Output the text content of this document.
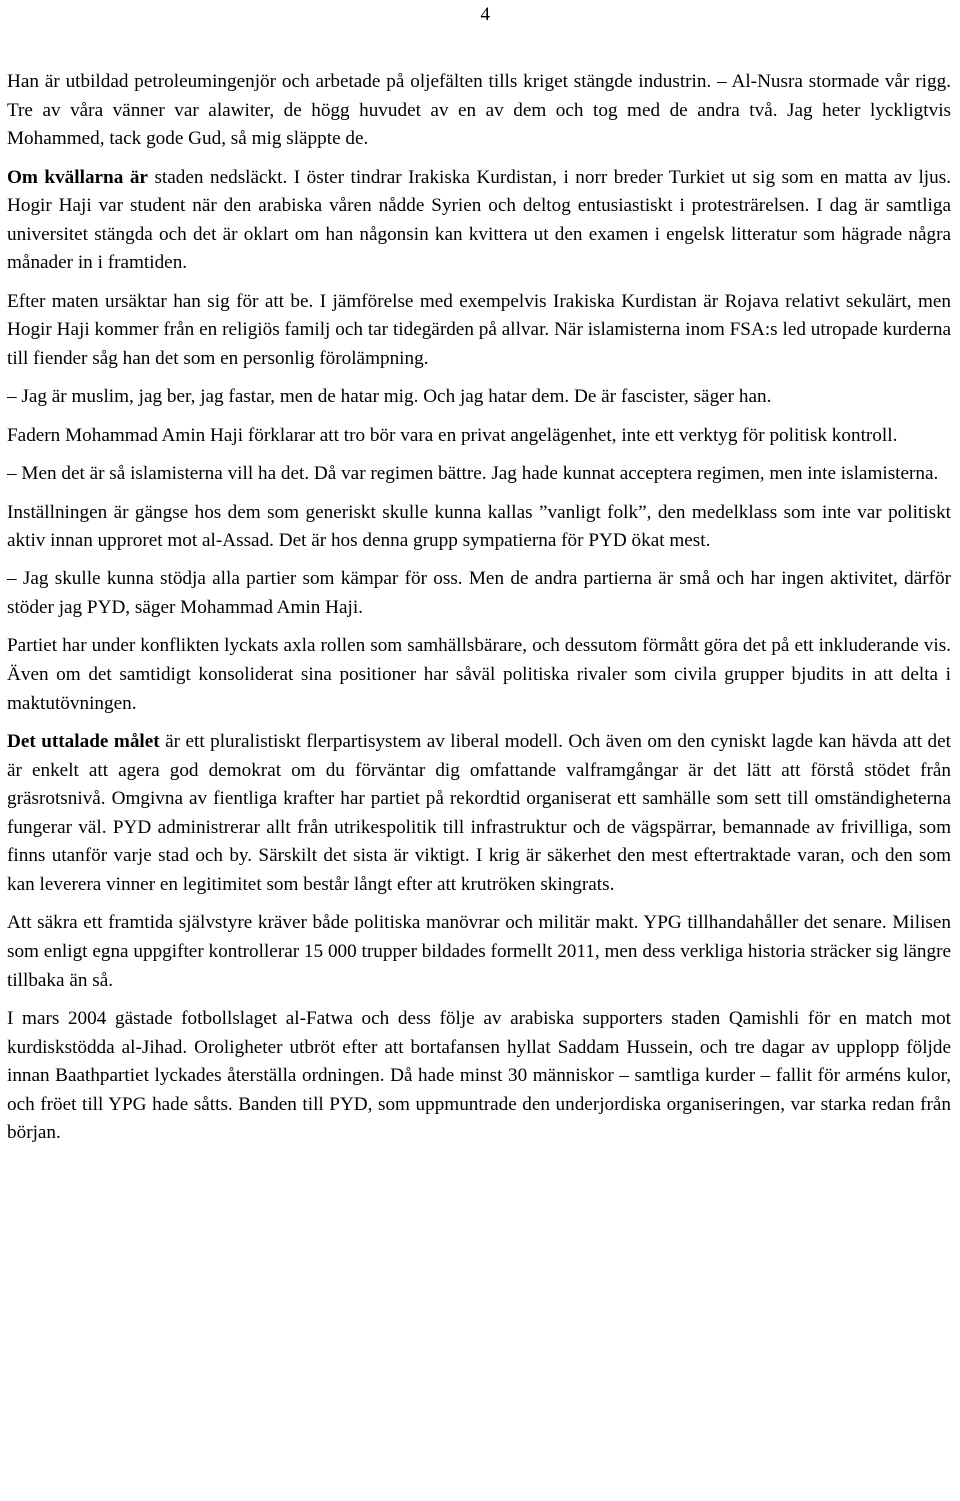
4

Han är utbildad petroleumingenjör och arbetade på oljefälten tills kriget stängde industrin. – Al-Nusra stormade vår rigg. Tre av våra vänner var alawiter, de högg huvudet av en av dem och tog med de andra två. Jag heter lyckligtvis Mohammed, tack gode Gud, så mig släppte de.

Om kvällarna är staden nedsläckt. I öster tindrar Irakiska Kurdistan, i norr breder Turkiet ut sig som en matta av ljus. Hogir Haji var student när den arabiska våren nådde Syrien och deltog entusiastiskt i protesträrelsen. I dag är samtliga universitet stängda och det är oklart om han någonsin kan kvittera ut den examen i engelsk litteratur som hägrade några månader in i framtiden.

Efter maten ursäktar han sig för att be. I jämförelse med exempelvis Irakiska Kurdistan är Rojava relativt sekulärt, men Hogir Haji kommer från en religiös familj och tar tidegärden på allvar. När islamisterna inom FSA:s led utropade kurderna till fiender såg han det som en personlig förolämpning.

– Jag är muslim, jag ber, jag fastar, men de hatar mig. Och jag hatar dem. De är fascister, säger han.

Fadern Mohammad Amin Haji förklarar att tro bör vara en privat angelägenhet, inte ett verktyg för politisk kontroll.

– Men det är så islamisterna vill ha det. Då var regimen bättre. Jag hade kunnat acceptera regimen, men inte islamisterna.

Inställningen är gängse hos dem som generiskt skulle kunna kallas ”vanligt folk”, den medelklass som inte var politiskt aktiv innan upproret mot al-Assad. Det är hos denna grupp sympatierna för PYD ökat mest.

– Jag skulle kunna stödja alla partier som kämpar för oss. Men de andra partierna är små och har ingen aktivitet, därför stöder jag PYD, säger Mohammad Amin Haji.

Partiet har under konflikten lyckats axla rollen som samhällsbärare, och dessutom förmått göra det på ett inkluderande vis. Även om det samtidigt konsoliderat sina positioner har såväl politiska rivaler som civila grupper bjudits in att delta i maktutövningen.

Det uttalade målet är ett pluralistiskt flerpartisystem av liberal modell. Och även om den cyniskt lagde kan hävda att det är enkelt att agera god demokrat om du förväntar dig omfattande valframgångar är det lätt att förstå stödet från gräsrotsnivå. Omgivna av fientliga krafter har partiet på rekordtid organiserat ett samhälle som sett till omständigheterna fungerar väl. PYD administrerar allt från utrikespolitik till infrastruktur och de vägspärrar, bemannade av frivilliga, som finns utanför varje stad och by. Särskilt det sista är viktigt. I krig är säkerhet den mest eftertraktade varan, och den som kan leverera vinner en legitimitet som består långt efter att krutröken skingrats.

Att säkra ett framtida självstyre kräver både politiska manövrar och militär makt. YPG tillhandahåller det senare. Milisen som enligt egna uppgifter kontrollerar 15 000 trupper bildades formellt 2011, men dess verkliga historia sträcker sig längre tillbaka än så.

I mars 2004 gästade fotbollslaget al-Fatwa och dess följe av arabiska supporters staden Qamishli för en match mot kurdiskstödda al-Jihad. Oroligheter utbröt efter att bortafansen hyllat Saddam Hussein, och tre dagar av upplopp följde innan Baathpartiet lyckades återställa ordningen. Då hade minst 30 människor – samtliga kurder – fallit för arméns kulor, och fröet till YPG hade såtts. Banden till PYD, som uppmuntrade den underjordiska organiseringen, var starka redan från början.
